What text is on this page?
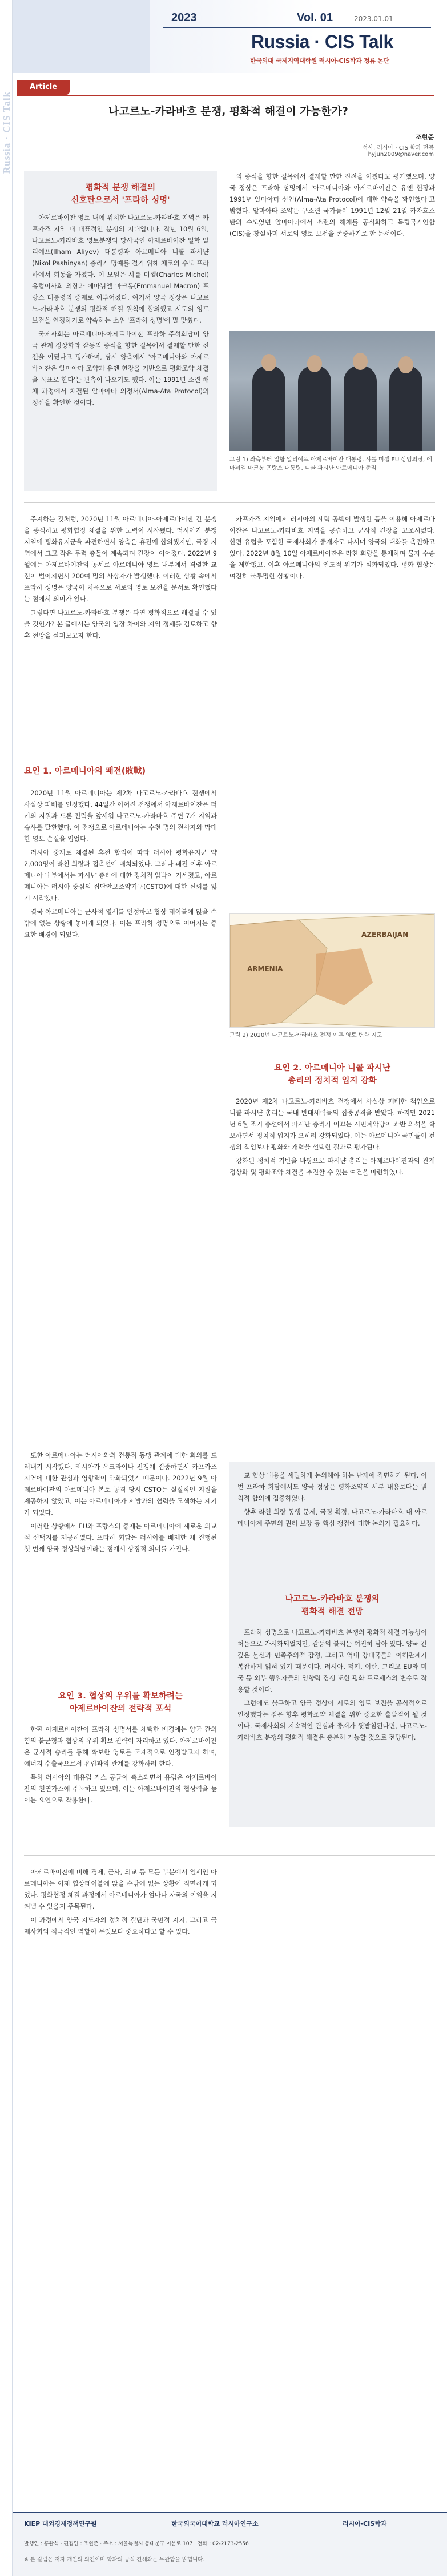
Russia · CIS Talk
2023	Vol. 01	2023.01.01
Russia · CIS Talk
한국외대 국제지역대학원 러시아·CIS학과 정류 논단
Article
나고르노-카라바흐 분쟁, 평화적 해결이 가능한가?
조현준
석사, 러시아 · CIS 학과 전공
hyjun2009@naver.com
평화적 분쟁 해결의
신호탄으로서 '프라하 성명'

아제르바이잔 영토 내에 위치한 나고르노-카라바흐 지역은 카프카즈 지역 내 대표적인 분쟁의 지대입니다. 작년 10월 6일, 나고르노-카라바흐 영토분쟁의 당사국인 아제르바이잔 일함 알리예프(Ilham Aliyev) 대통령과 아르메니아 니콜 파시냔(Nikol Pashinyan) 총리가 명예를 걸기 위해 체코의 수도 프라하에서 회동을 가졌다. 이 모임은 샤를 미셸(Charles Michel) 유럽이사회 의장과 에마뉘엘 마크롱(Emmanuel Macron) 프랑스 대통령의 중재로 이루어졌다. 여기서 양국 정상은 나고르노-카라바흐 분쟁의 평화적 해결 원칙에 합의했고 서로의 영토 보전을 인정하기로 약속하는 소위 '프라하 성명'에 말 맞췄다.

국제사회는 아르메니아-아제르바이잔 프라하 주석회담이 양국 관계 정상화와 갈등의 종식을 향한 길목에서 결제할 만한 진전을 이뤘다고 평가하며, 당시 양측에서 '아르메니아와 아제르바이잔은 알마아타 조약과 유엔 헌장을 기반으로 평화조약 체결을 목표로 한다'는 관측이 나오기도 했다. 이는 1991년 소련 해체 과정에서 체결된 알마아타 의정서(Alma-Ata Protocol)의 정신을 확인한 것이다.

의 종식을 향한 길목에서 결제할 만한 진전을 이뤘다고 평가했으며, 양국 정상은 프라하 성명에서 '아르메니아와 아제르바이잔은 유엔 헌장과 1991년 알마아타 선언(Alma-Ata Protocol)에 대한 약속을 확인했다'고 밝혔다. 알마아타 조약은 구소련 국가들이 1991년 12월 21일 카자흐스탄의 수도였던 알마아타에서 소련의 해체를 공식화하고 독립국가연합(CIS)을 창설하며 서로의 영토 보전을 존중하기로 한 문서이다.

그림 1) 좌측부터 일함 알리예프 아제르바이잔 대통령, 샤를 미셸 EU 상임의장, 에마뉘엘 마크롱 프랑스 대통령, 니콜 파시냔 아르메니아 총리

주지하는 것처럼, 2020년 11월 아르메니아-아제르바이잔 간 분쟁을 종식하고 평화협정 체결을 위한 노력이 시작됐다. 러시아가 분쟁 지역에 평화유지군을 파견하면서 양측은 휴전에 합의했지만, 국경 지역에서 크고 작은 무력 충돌이 계속되며 긴장이 이어졌다. 2022년 9월에는 아제르바이잔의 공세로 아르메니아 영토 내부에서 격렬한 교전이 벌어지면서 200여 명의 사상자가 발생했다. 이러한 상황 속에서 프라하 성명은 양국이 처음으로 서로의 영토 보전을 문서로 확인했다는 점에서 의미가 있다.

그렇다면 나고르노-카라바흐 분쟁은 과연 평화적으로 해결될 수 있을 것인가? 본 글에서는 양국의 입장 차이와 지역 정세를 검토하고 향후 전망을 살펴보고자 한다.

카프카즈 지역에서 러시아의 세력 공백이 발생한 틈을 이용해 아제르바이잔은 나고르노-카라바흐 지역을 공습하고 군사적 긴장을 고조시켰다. 한편 유럽을 포함한 국제사회가 중재자로 나서며 양국의 대화를 촉진하고 있다. 2022년 8월 10일 아제르바이잔은 라친 회랑을 통제하며 물자 수송을 제한했고, 이후 아르메니아의 인도적 위기가 심화되었다. 평화 협상은 여전히 불투명한 상황이다.

요인 1. 아르메니아의 패전(敗戰)

2020년 11월 아르메니아는 제2차 나고르노-카라바흐 전쟁에서 사실상 패배를 인정했다. 44일간 이어진 전쟁에서 아제르바이잔은 터키의 지원과 드론 전력을 앞세워 나고르노-카라바흐 주변 7개 지역과 슈샤를 탈환했다. 이 전쟁으로 아르메니아는 수천 명의 전사자와 막대한 영토 손실을 입었다.

러시아 중재로 체결된 휴전 합의에 따라 러시아 평화유지군 약 2,000명이 라친 회랑과 접촉선에 배치되었다. 그러나 패전 이후 아르메니아 내부에서는 파시냔 총리에 대한 정치적 압박이 거세졌고, 아르메니아는 러시아 중심의 집단안보조약기구(CSTO)에 대한 신뢰를 잃기 시작했다.

결국 아르메니아는 군사적 열세를 인정하고 협상 테이블에 앉을 수밖에 없는 상황에 놓이게 되었다. 이는 프라하 성명으로 이어지는 중요한 배경이 되었다.

ARMENIA
AZERBAIJAN
그림 2) 2020년 나고르노-카라바흐 전쟁 이후 영토 변화 지도
요인 2. 아르메니아 니콜 파시냔
총리의 정치적 입지 강화

2020년 제2차 나고르노-카라바흐 전쟁에서 사실상 패배한 책임으로 니콜 파시냔 총리는 국내 반대세력들의 집중공격을 받았다. 하지만 2021년 6월 조기 총선에서 파시냔 총리가 이끄는 시민계약당이 과반 의석을 확보하면서 정치적 입지가 오히려 강화되었다. 이는 아르메니아 국민들이 전쟁의 책임보다 평화와 개혁을 선택한 결과로 평가된다.

강화된 정치적 기반을 바탕으로 파시냔 총리는 아제르바이잔과의 관계 정상화 및 평화조약 체결을 추진할 수 있는 여건을 마련하였다.

또한 아르메니아는 러시아와의 전통적 동맹 관계에 대한 회의를 드러내기 시작했다. 러시아가 우크라이나 전쟁에 집중하면서 카프카즈 지역에 대한 관심과 영향력이 약화되었기 때문이다. 2022년 9월 아제르바이잔의 아르메니아 본토 공격 당시 CSTO는 실질적인 지원을 제공하지 않았고, 이는 아르메니아가 서방과의 협력을 모색하는 계기가 되었다.

이러한 상황에서 EU와 프랑스의 중재는 아르메니아에 새로운 외교적 선택지를 제공하였다. 프라하 회담은 러시아를 배제한 채 진행된 첫 번째 양국 정상회담이라는 점에서 상징적 의미를 가진다.

교 협상 내용을 세밀하게 논의해야 하는 난제에 직면하게 된다. 이번 프라하 회담에서도 양국 정상은 평화조약의 세부 내용보다는 원칙적 합의에 집중하였다.

향후 라친 회랑 통행 문제, 국경 획정, 나고르노-카라바흐 내 아르메니아계 주민의 권리 보장 등 핵심 쟁점에 대한 논의가 필요하다.

나고르노-카라바흐 분쟁의
평화적 해결 전망

프라하 성명으로 나고르노-카라바흐 분쟁의 평화적 해결 가능성이 처음으로 가시화되었지만, 갈등의 불씨는 여전히 남아 있다. 양국 간 깊은 불신과 민족주의적 감정, 그리고 역내 강대국들의 이해관계가 복잡하게 얽혀 있기 때문이다. 러시아, 터키, 이란, 그리고 EU와 미국 등 외부 행위자들의 영향력 경쟁 또한 평화 프로세스의 변수로 작용할 것이다.

그럼에도 불구하고 양국 정상이 서로의 영토 보전을 공식적으로 인정했다는 점은 향후 평화조약 체결을 위한 중요한 출발점이 될 것이다. 국제사회의 지속적인 관심과 중재가 뒷받침된다면, 나고르노-카라바흐 분쟁의 평화적 해결은 충분히 가능할 것으로 전망된다.

요인 3. 협상의 우위를 확보하려는
아제르바이잔의 전략적 포석

한편 아제르바이잔이 프라하 성명서를 채택한 배경에는 양국 간의 힘의 불균형과 협상의 우위 확보 전략이 자리하고 있다. 아제르바이잔은 군사적 승리를 통해 확보한 영토를 국제적으로 인정받고자 하며, 에너지 수출국으로서 유럽과의 관계를 강화하려 한다.

특히 러시아의 대유럽 가스 공급이 축소되면서 유럽은 아제르바이잔의 천연가스에 주목하고 있으며, 이는 아제르바이잔의 협상력을 높이는 요인으로 작용한다.

아제르바이잔에 비해 경제, 군사, 외교 등 모든 부분에서 열세인 아르메니아는 이제 협상테이블에 앉을 수밖에 없는 상황에 직면하게 되었다. 평화협정 체결 과정에서 아르메니아가 얼마나 자국의 이익을 지켜낼 수 있을지 주목된다.

이 과정에서 양국 지도자의 정치적 결단과 국민적 지지, 그리고 국제사회의 적극적인 역할이 무엇보다 중요하다고 할 수 있다.

KIEP 대외경제정책연구원	한국외국어대학교 러시아연구소	러시아·CIS학과
발행인 : 홍완석 · 편집인 : 조현준 · 주소 : 서울특별시 동대문구 이문로 107 · 전화 : 02-2173-2556
※ 본 칼럼은 저자 개인의 의견이며 학과의 공식 견해와는 무관함을 밝힙니다.
